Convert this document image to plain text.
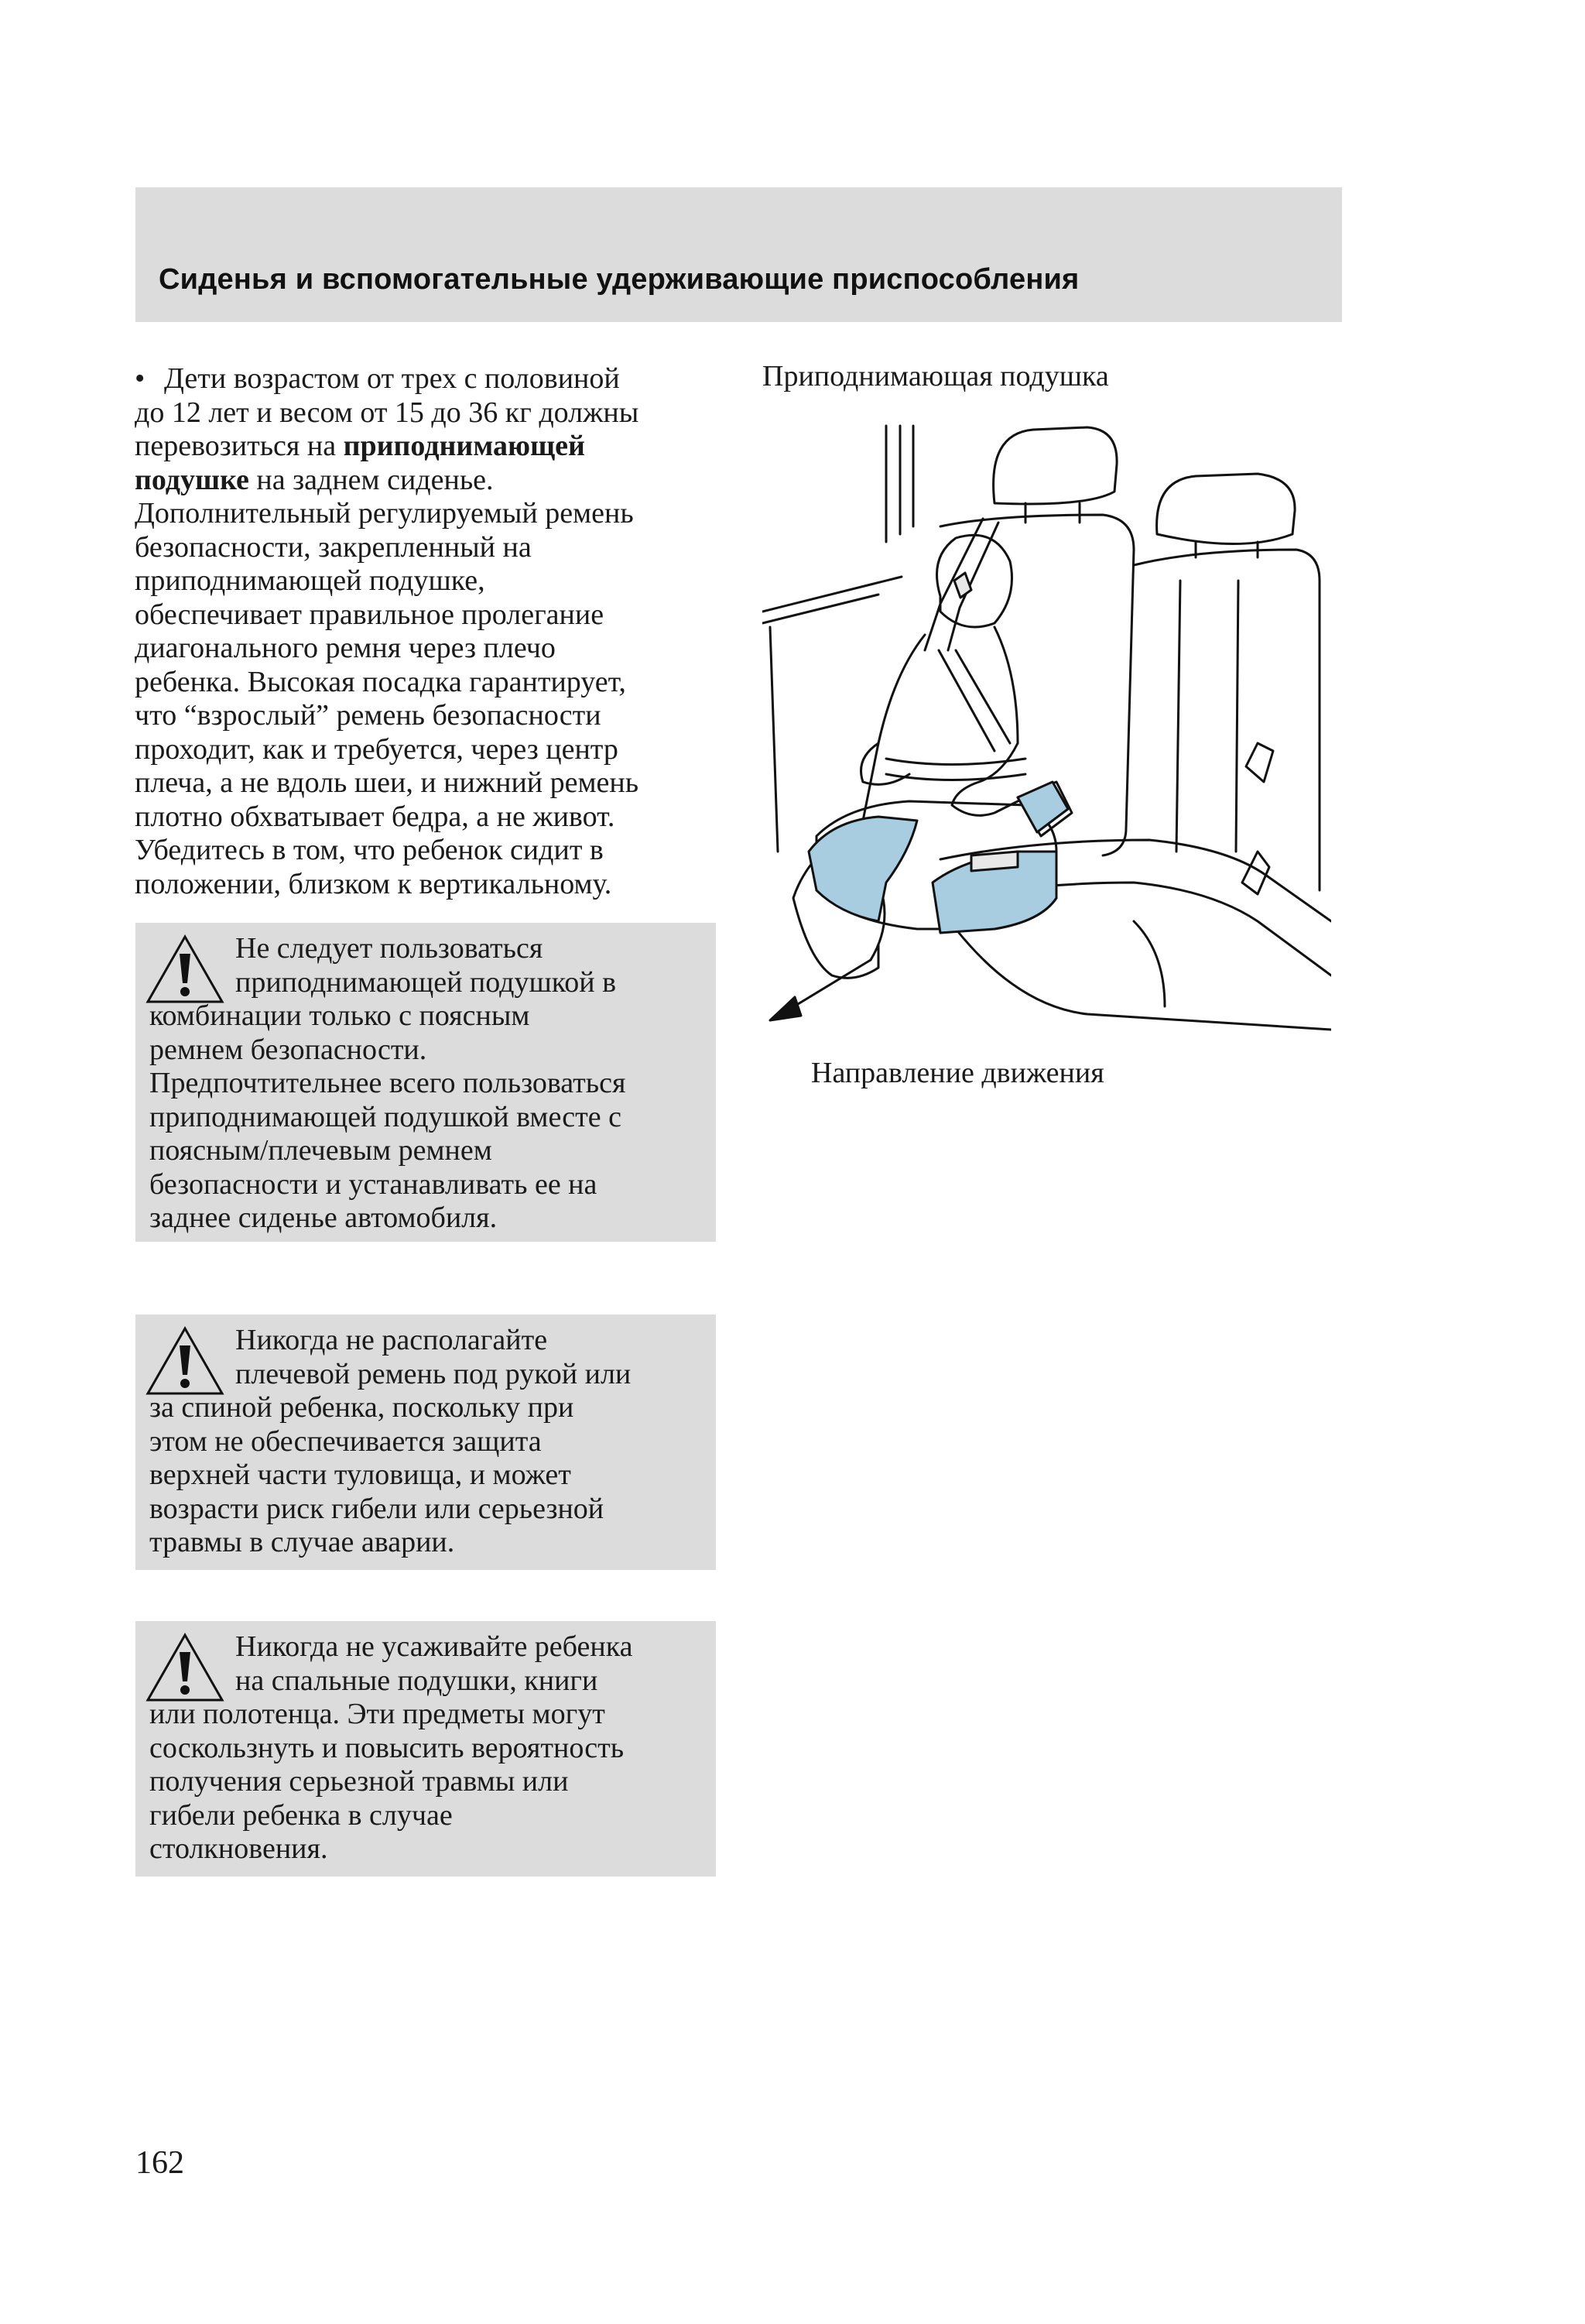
Сиденья и вспомогательные удерживающие приспособления
• Дети возрастом от трех с половиной
до 12 лет и весом от 15 до 36 кг должны
перевозиться на приподнимающей
подушке на заднем сиденье.
Дополнительный регулируемый ремень
безопасности, закрепленный на
приподнимающей подушке,
обеспечивает правильное пролегание
диагонального ремня через плечо
ребенка. Высокая посадка гарантирует,
что “взрослый” ремень безопасности
проходит, как и требуется, через центр
плеча, а не вдоль шеи, и нижний ремень
плотно обхватывает бедра, а не живот.
Убедитесь в том, что ребенок сидит в
положении, близком к вертикальному.
Не следует пользоваться
приподнимающей подушкой в
комбинации только с поясным
ремнем безопасности.
Предпочтительнее всего пользоваться
приподнимающей подушкой вместе с
поясным/плечевым ремнем
безопасности и устанавливать ее на
заднее сиденье автомобиля.
Никогда не располагайте
плечевой ремень под рукой или
за спиной ребенка, поскольку при
этом не обеспечивается защита
верхней части туловища, и может
возрасти риск гибели или серьезной
травмы в случае аварии.
Никогда не усаживайте ребенка
на спальные подушки, книги
или полотенца. Эти предметы могут
соскользнуть и повысить вероятность
получения серьезной травмы или
гибели ребенка в случае
столкновения.
Приподнимающая подушка
Направление движения
162
